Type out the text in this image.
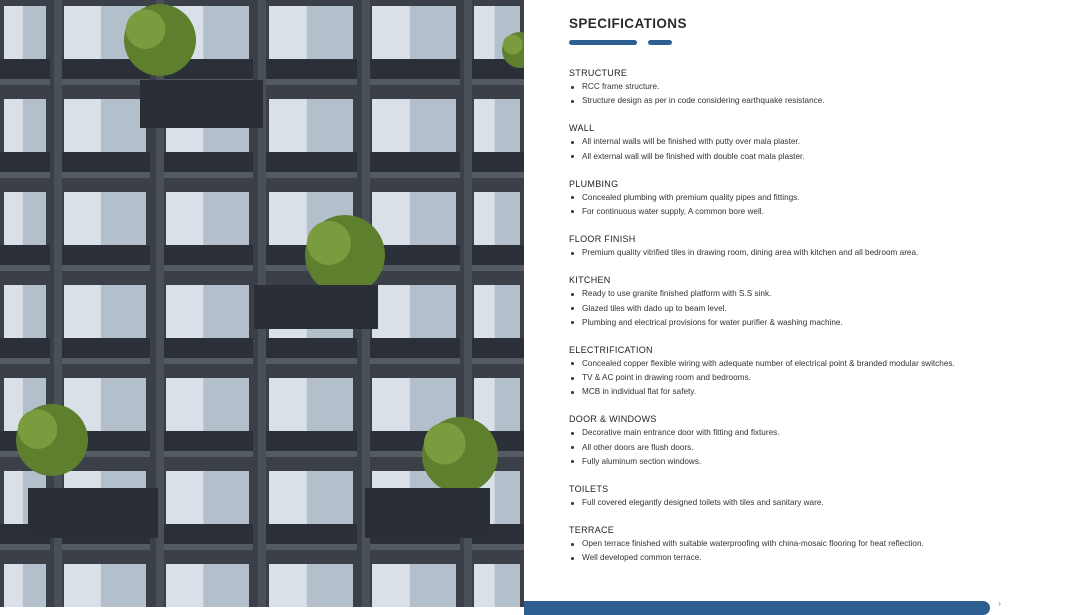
SPECIFICATIONS
STRUCTURE
RCC frame structure.
Structure design as per in code considering earthquake resistance.
WALL
All internal walls will be finished with putty over mala plaster.
All external wall will be finished with double coat mala plaster.
PLUMBING
Concealed plumbing with premium quality pipes and fittings.
For continuous water supply, A common bore well.
FLOOR FINISH
Premium quality vitrified tiles in drawing room, dining area with kitchen and all bedroom area.
KITCHEN
Ready to use granite finished platform with S.S sink.
Glazed tiles with dado up to beam level.
Plumbing and electrical provisions for water purifier & washing machine.
ELECTRIFICATION
Concealed copper flexible wiring with adequate number of electrical point & branded modular switches.
TV & AC point in drawing room and bedrooms.
MCB in individual flat for safety.
DOOR & WINDOWS
Decorative main entrance door with fitting and fixtures.
All other doors are flush doors.
Fully aluminum section windows.
TOILETS
Full covered elegantly designed toilets with tiles and sanitary ware.
TERRACE
Open terrace finished with suitable waterproofing with china-mosaic flooring for heat reflection.
Well developed common terrace.
›
